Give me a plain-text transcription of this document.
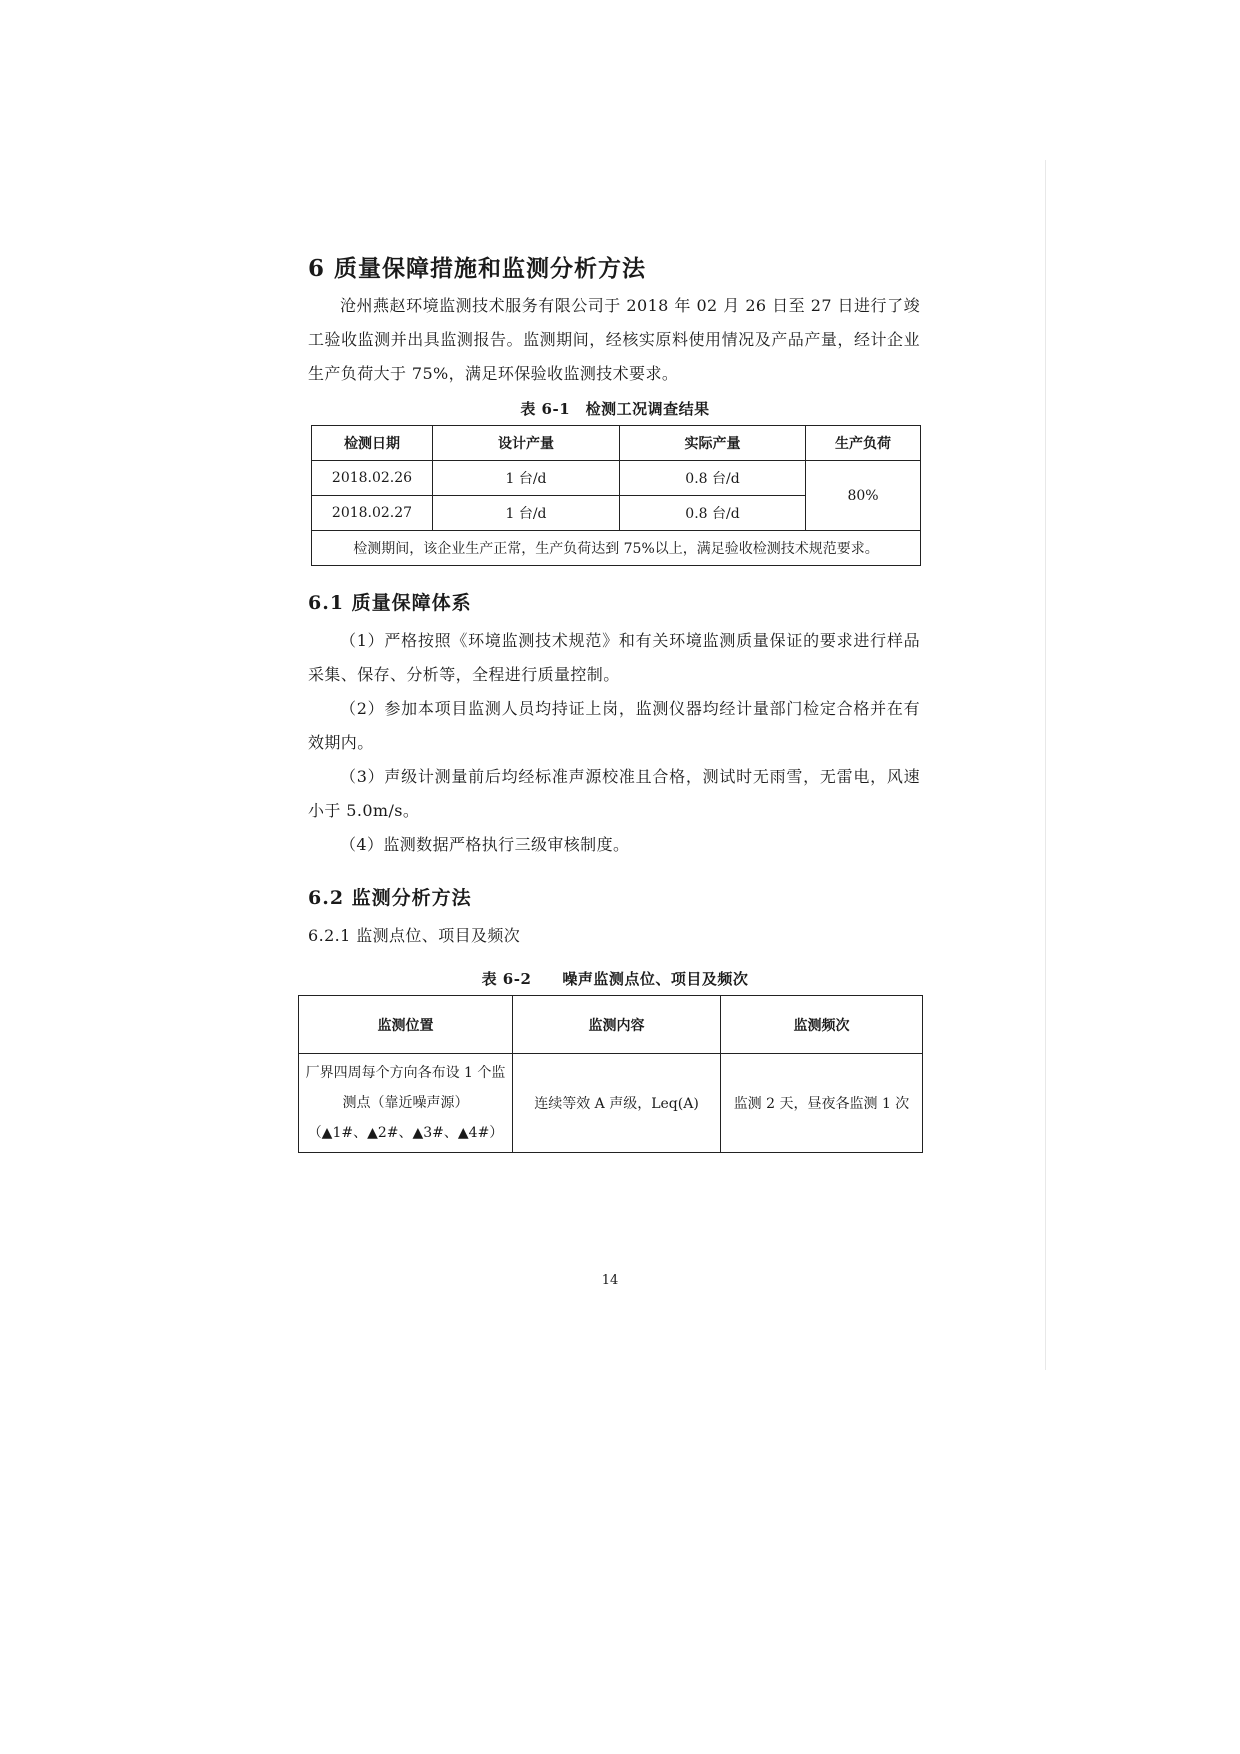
6 质量保障措施和监测分析方法
沧州燕赵环境监测技术服务有限公司于 2018 年 02 月 26 日至 27 日进行了竣工验收监测并出具监测报告。监测期间，经核实原料使用情况及产品产量，经计企业生产负荷大于 75%，满足环保验收监测技术要求。
表 6-1　检测工况调查结果
检测日期	设计产量	实际产量	生产负荷
2018.02.26	1 台/d	0.8 台/d	80%
2018.02.27	1 台/d	0.8 台/d	
检测期间，该企业生产正常，生产负荷达到 75%以上，满足验收检测技术规范要求。			
6.1 质量保障体系
（1）严格按照《环境监测技术规范》和有关环境监测质量保证的要求进行样品采集、保存、分析等，全程进行质量控制。
（2）参加本项目监测人员均持证上岗，监测仪器均经计量部门检定合格并在有效期内。
（3）声级计测量前后均经标准声源校准且合格，测试时无雨雪，无雷电，风速小于 5.0m/s。
（4）监测数据严格执行三级审核制度。
6.2 监测分析方法
6.2.1 监测点位、项目及频次
表 6-2　　噪声监测点位、项目及频次
监测位置	监测内容	监测频次

厂界四周每个方向各布设 1 个监
测点（靠近噪声源）
（▲1#、▲2#、▲3#、▲4#）	连续等效 A 声级，Leq(A)	监测 2 天，昼夜各监测 1 次
14
